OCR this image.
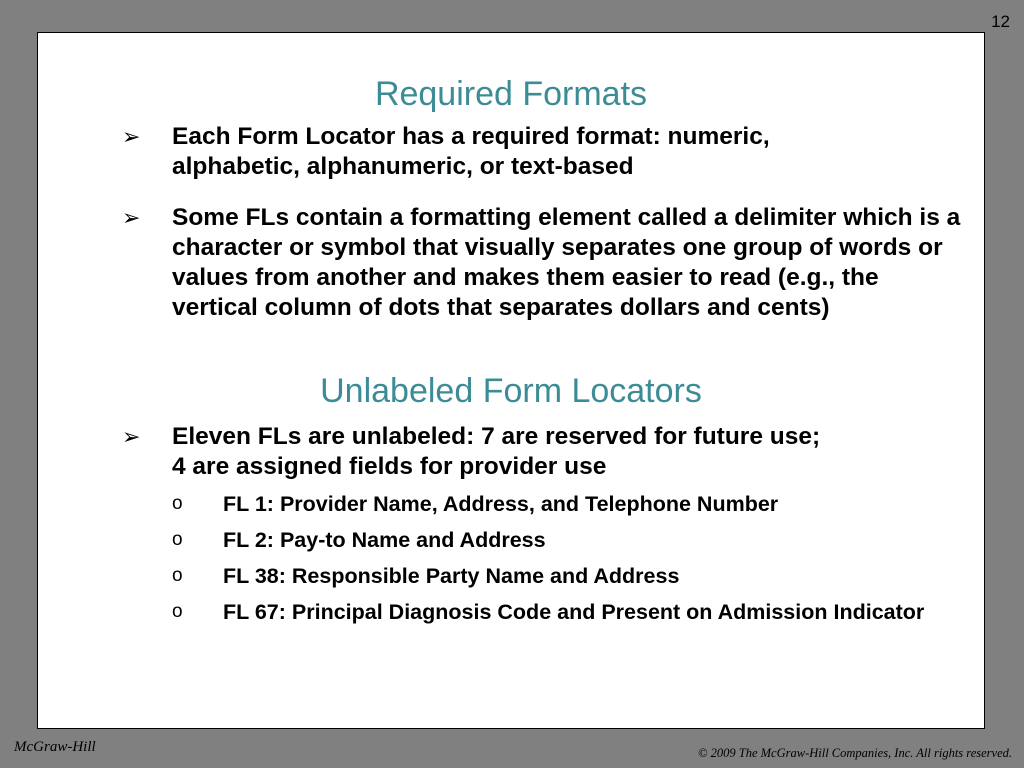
12
Required Formats
➢ Each Form Locator has a required format: numeric,
alphabetic, alphanumeric, or text-based
➢ Some FLs contain a formatting element called a delimiter which is a character or symbol that visually separates one group of words or values from another and makes them easier to read (e.g., the vertical column of dots that separates dollars and cents)
Unlabeled Form Locators
➢ Eleven FLs are unlabeled: 7 are reserved for future use;
4 are assigned fields for provider use
o FL 1: Provider Name, Address, and Telephone Number
o FL 2: Pay-to Name and Address
o FL 38: Responsible Party Name and Address
o FL 67: Principal Diagnosis Code and Present on Admission Indicator
McGraw-Hill	© 2009 The McGraw-Hill Companies, Inc. All rights reserved.
